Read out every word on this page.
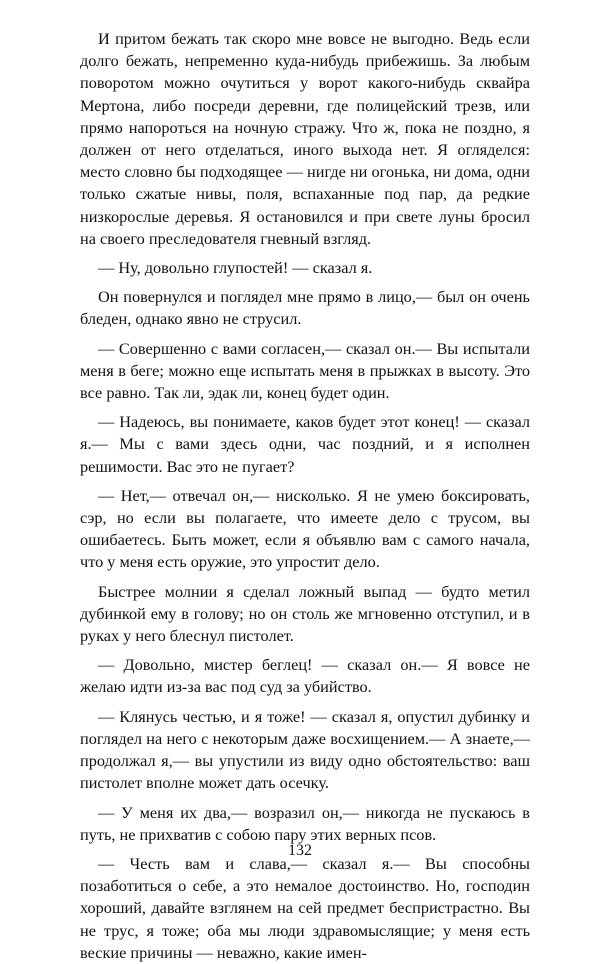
И притом бежать так скоро мне вовсе не выгодно. Ведь если долго бежать, непременно куда-нибудь прибежишь. За любым поворотом можно очутиться у ворот какого-нибудь сквайра Мертона, либо посреди деревни, где полицейский трезв, или прямо напороться на ночную стражу. Что ж, пока не поздно, я должен от него отделаться, иного выхода нет. Я огляделся: место словно бы подходящее — нигде ни огонька, ни дома, одни только сжатые нивы, поля, вспаханные под пар, да редкие низкорослые деревья. Я остановился и при свете луны бросил на своего преследователя гневный взгляд.

— Ну, довольно глупостей! — сказал я.

Он повернулся и поглядел мне прямо в лицо,— был он очень бледен, однако явно не струсил.

— Совершенно с вами согласен,— сказал он.— Вы испытали меня в беге; можно еще испытать меня в прыжках в высоту. Это все равно. Так ли, эдак ли, конец будет один.

— Надеюсь, вы понимаете, каков будет этот конец! — сказал я.— Мы с вами здесь одни, час поздний, и я исполнен решимости. Вас это не пугает?

— Нет,— отвечал он,— нисколько. Я не умею боксировать, сэр, но если вы полагаете, что имеете дело с трусом, вы ошибаетесь. Быть может, если я объявлю вам с самого начала, что у меня есть оружие, это упростит дело.

Быстрее молнии я сделал ложный выпад — будто метил дубинкой ему в голову; но он столь же мгновенно отступил, и в руках у него блеснул пистолет.

— Довольно, мистер беглец! — сказал он.— Я вовсе не желаю идти из-за вас под суд за убийство.

— Клянусь честью, и я тоже! — сказал я, опустил дубинку и поглядел на него с некоторым даже восхищением.— А знаете,— продолжал я,— вы упустили из виду одно обстоятельство: ваш пистолет вполне может дать осечку.

— У меня их два,— возразил он,— никогда не пускаюсь в путь, не прихватив с собою пару этих верных псов.

— Честь вам и слава,— сказал я.— Вы способны позаботиться о себе, а это немалое достоинство. Но, господин хороший, давайте взглянем на сей предмет беспристрастно. Вы не трус, я тоже; оба мы люди здравомыслящие; у меня есть веские причины — неважно, какие имен-

132
